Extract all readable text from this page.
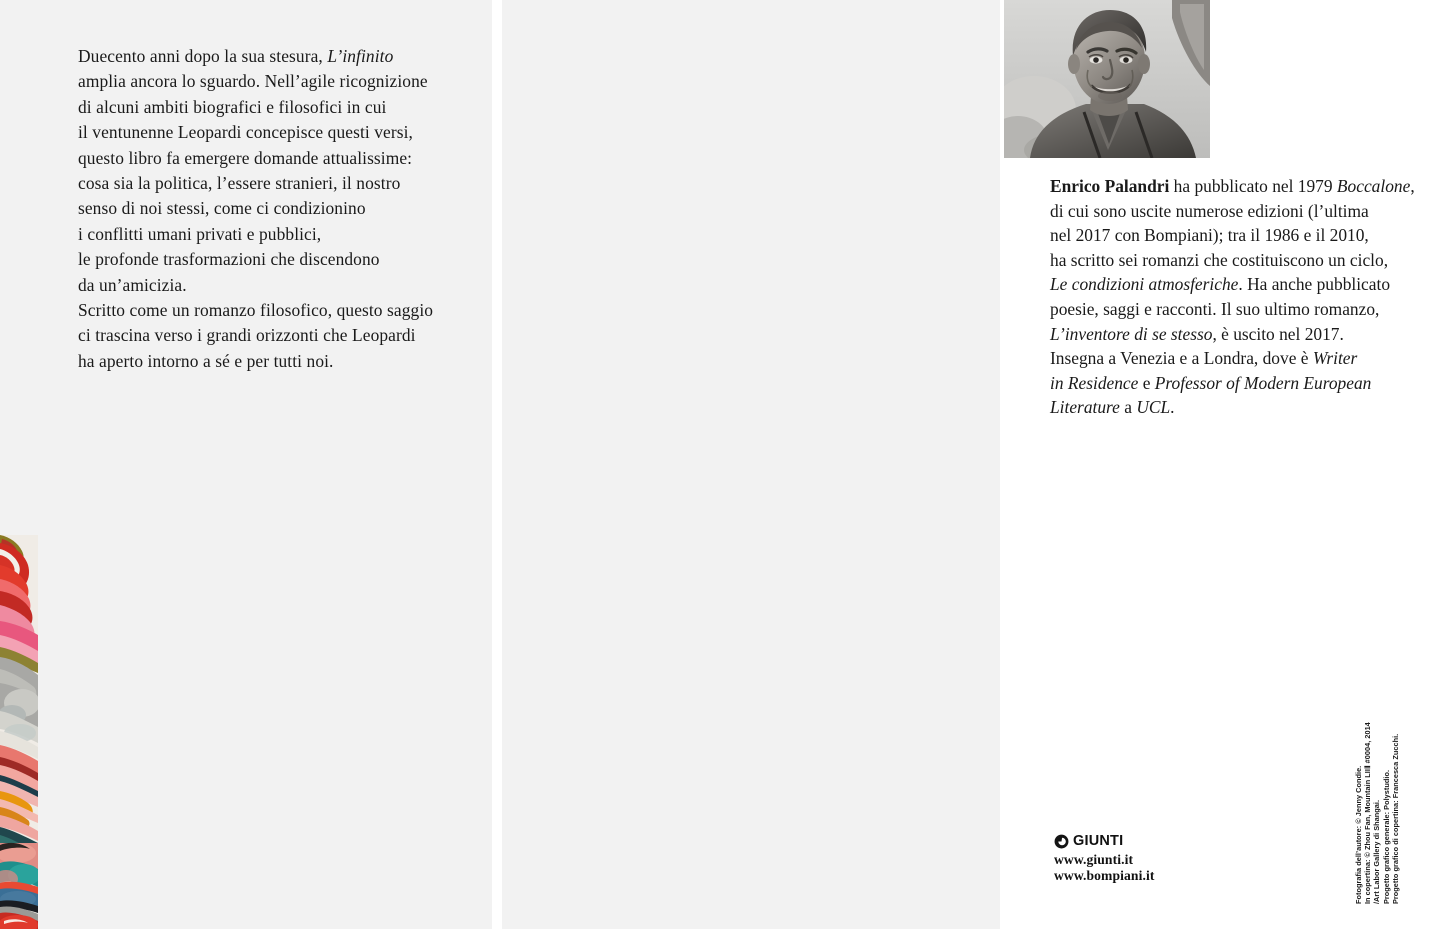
Duecento anni dopo la sua stesura, L’infinito

amplia ancora lo sguardo. Nell’agile ricognizione

di alcuni ambiti biografici e filosofici in cui

il ventunenne Leopardi concepisce questi versi,

questo libro fa emergere domande attualissime:

cosa sia la politica, l’essere stranieri, il nostro

senso di noi stessi, come ci condizionino

i conflitti umani privati e pubblici,

le profonde trasformazioni che discendono

da un’amicizia.

Scritto come un romanzo filosofico, questo saggio

ci trascina verso i grandi orizzonti che Leopardi

ha aperto intorno a sé e per tutti noi.

Enrico Palandri ha pubblicato nel 1979 Boccalone,

di cui sono uscite numerose edizioni (l’ultima

nel 2017 con Bompiani); tra il 1986 e il 2010,

ha scritto sei romanzi che costituiscono un ciclo,

Le condizioni atmosferiche. Ha anche pubblicato

poesie, saggi e racconti. Il suo ultimo romanzo,

L’inventore di se stesso, è uscito nel 2017.

Insegna a Venezia e a Londra, dove è Writer

in Residence e Professor of Modern European

Literature a UCL.

GIUNTI
www.giunti.it
www.bompiani.it	Fotografia dell’autore: © Jenny Condie. In copertina: © Zhou Fan, Mountain LIIⅡ #0004, 2014 /Art Labor Gallery di Shangai. Progetto grafico generale: Polystudio. Progetto grafico di copertina: Francesca Zucchi.
